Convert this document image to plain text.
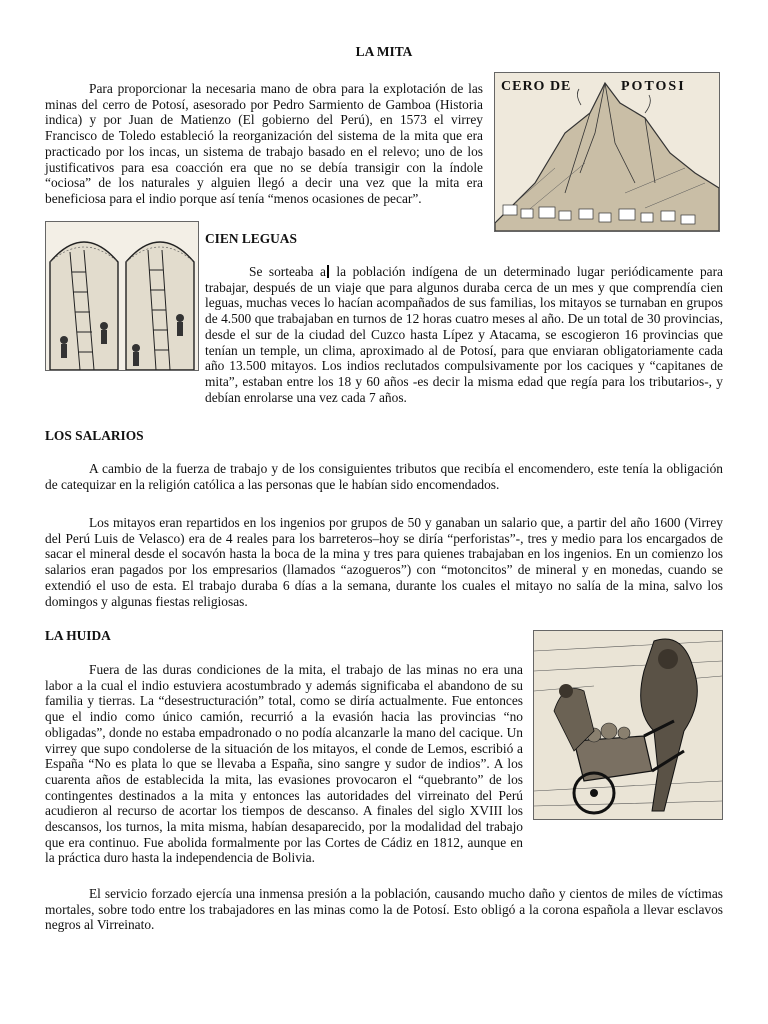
LA MITA

Para proporcionar la necesaria mano de obra para la explotación de las minas del cerro de Potosí, asesorado por Pedro Sarmiento de Gamboa (Historia indica) y por Juan de Matienzo (El gobierno del Perú), en 1573 el virrey Francisco de Toledo estableció la reorganización del sistema de la mita que era practicado por los incas, un sistema de trabajo basado en el relevo; uno de los justificativos para esa coacción era que no se debía transigir con la índole “ociosa” de los naturales y alguien llegó a decir una vez que la mita era beneficiosa para el indio porque así tenía “menos ocasiones de pecar”.

CERO DE	POTOSI
CIEN LEGUAS

Se sorteaba a la población indígena de un determinado lugar periódicamente para trabajar, después de un viaje que para algunos duraba cerca de un mes y que comprendía cien leguas, muchas veces lo hacían acompañados de sus familias, los mitayos se turnaban en grupos de 4.500 que trabajaban en turnos de 12 horas cuatro meses al año. De un total de 30 provincias, desde el sur de la ciudad del Cuzco hasta Lípez y Atacama, se escogieron 16 provincias que tenían un temple, un clima, aproximado al de Potosí, para que enviaran obligatoriamente cada año 13.500 mitayos. Los indios reclutados compulsivamente por los caciques y “capitanes de mita”, estaban entre los 18 y 60 años -es decir la misma edad que regía para los tributarios-, y debían enrolarse una vez cada 7 años.

LOS SALARIOS

A cambio de la fuerza de trabajo y de los consiguientes tributos que recibía el encomendero, este tenía la obligación de catequizar en la religión católica a las personas que le habían sido encomendados.

Los mitayos eran repartidos en los ingenios por grupos de 50 y ganaban un salario que, a partir del año 1600 (Virrey del Perú Luis de Velasco) era de 4 reales para los barreteros–hoy se diría “perforistas”-, tres y medio para los encargados de sacar el mineral desde el socavón hasta la boca de la mina y tres para quienes trabajaban en los ingenios. En un comienzo los salarios eran pagados por los empresarios (llamados “azogueros”) con “motoncitos” de mineral y en monedas, cuando se extendió el uso de esta. El trabajo duraba 6 días a la semana, durante los cuales el mitayo no salía de la mina, salvo los domingos y algunas fiestas religiosas.

LA HUIDA

Fuera de las duras condiciones de la mita, el trabajo de las minas no era una labor a la cual el indio estuviera acostumbrado y además significaba el abandono de su familia y tierras. La “desestructuración” total, como se diría actualmente. Fue entonces que el indio como único camión, recurrió a la evasión hacia las provincias “no obligadas”, donde no estaba empadronado o no podía alcanzarle la mano del cacique. Un virrey que supo condolerse de la situación de los mitayos, el conde de Lemos, escribió a España “No es plata lo que se llevaba a España, sino sangre y sudor de indios”. A los cuarenta años de establecida la mita, las evasiones provocaron el “quebranto” de los contingentes destinados a la mita y entonces las autoridades del virreinato del Perú acudieron al recurso de acortar los tiempos de descanso. A finales del siglo XVIII los descansos, los turnos, la mita misma, habían desaparecido, por la modalidad del trabajo que era continuo. Fue abolida formalmente por las Cortes de Cádiz en 1812, aunque en la práctica duro hasta la independencia de Bolivia.

El servicio forzado ejercía una inmensa presión a la población, causando mucho daño y cientos de miles de víctimas mortales, sobre todo entre los trabajadores en las minas como la de Potosí. Esto obligó a la corona española a llevar esclavos negros al Virreinato.
